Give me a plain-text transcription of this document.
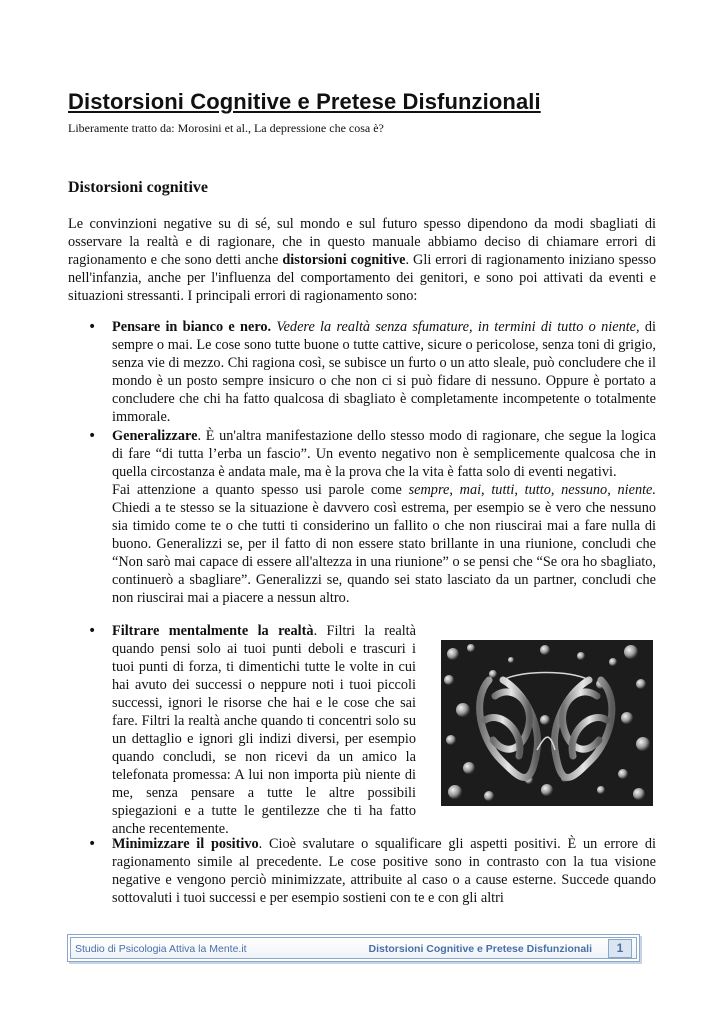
Distorsioni Cognitive e Pretese Disfunzionali
Liberamente tratto da: Morosini et al., La depressione che cosa è?
Distorsioni cognitive

Le convinzioni negative su di sé, sul mondo e sul futuro spesso dipendono da modi sbagliati di osservare la realtà e di ragionare, che in questo manuale abbiamo deciso di chiamare errori di ragionamento e che sono detti anche distorsioni cognitive. Gli errori di ragionamento iniziano spesso nell'infanzia, anche per l'influenza del comportamento dei genitori, e sono poi attivati da eventi e situazioni stressanti. I principali errori di ragionamento sono:

• Pensare in bianco e nero. Vedere la realtà senza sfumature, in termini di tutto o niente, di sempre o mai. Le cose sono tutte buone o tutte cattive, sicure o pericolose, senza toni di grigio, senza vie di mezzo. Chi ragiona così, se subisce un furto o un atto sleale, può concludere che il mondo è un posto sempre insicuro o che non ci si può fidare di nessuno. Oppure è portato a concludere che chi ha fatto qualcosa di sbagliato è completamente incompetente o totalmente immorale.

• Generalizzare. È un'altra manifestazione dello stesso modo di ragionare, che segue la logica di fare “di tutta l’erba un fascio”. Un evento negativo non è semplicemente qualcosa che in quella circostanza è andata male, ma è la prova che la vita è fatta solo di eventi negativi.

Fai attenzione a quanto spesso usi parole come sempre, mai, tutti, tutto, nessuno, niente. Chiedi a te stesso se la situazione è davvero così estrema, per esempio se è vero che nessuno sia timido come te o che tutti ti considerino un fallito o che non riuscirai mai a fare nulla di buono. Generalizzi se, per il fatto di non essere stato brillante in una riunione, concludi che “Non sarò mai capace di essere all'altezza in una riunione” o se pensi che “Se ora ho sbagliato, continuerò a sbagliare”. Generalizzi se, quando sei stato lasciato da un partner, concludi che non riuscirai mai a piacere a nessun altro.

• Filtrare mentalmente la realtà. Filtri la realtà quando pensi solo ai tuoi punti deboli e trascuri i tuoi punti di forza, ti dimentichi tutte le volte in cui hai avuto dei successi o neppure noti i tuoi piccoli successi, ignori le risorse che hai e le cose che sai fare. Filtri la realtà anche quando ti concentri solo su un dettaglio e ignori gli indizi diversi, per esempio quando concludi, se non ricevi da un amico la telefonata promessa: A lui non importa più niente di me, senza pensare a tutte le altre possibili spiegazioni e a tutte le gentilezze che ti ha fatto anche recentemente.

• Minimizzare il positivo. Cioè svalutare o squalificare gli aspetti positivi. È un errore di ragionamento simile al precedente. Le cose positive sono in contrasto con la tua visione negative e vengono perciò minimizzate, attribuite al caso o a cause esterne. Succede quando sottovaluti i tuoi successi e per esempio sostieni con te e con gli altri

Studio di Psicologia Attiva la Mente.it	Distorsioni Cognitive e Pretese Disfunzionali	1
